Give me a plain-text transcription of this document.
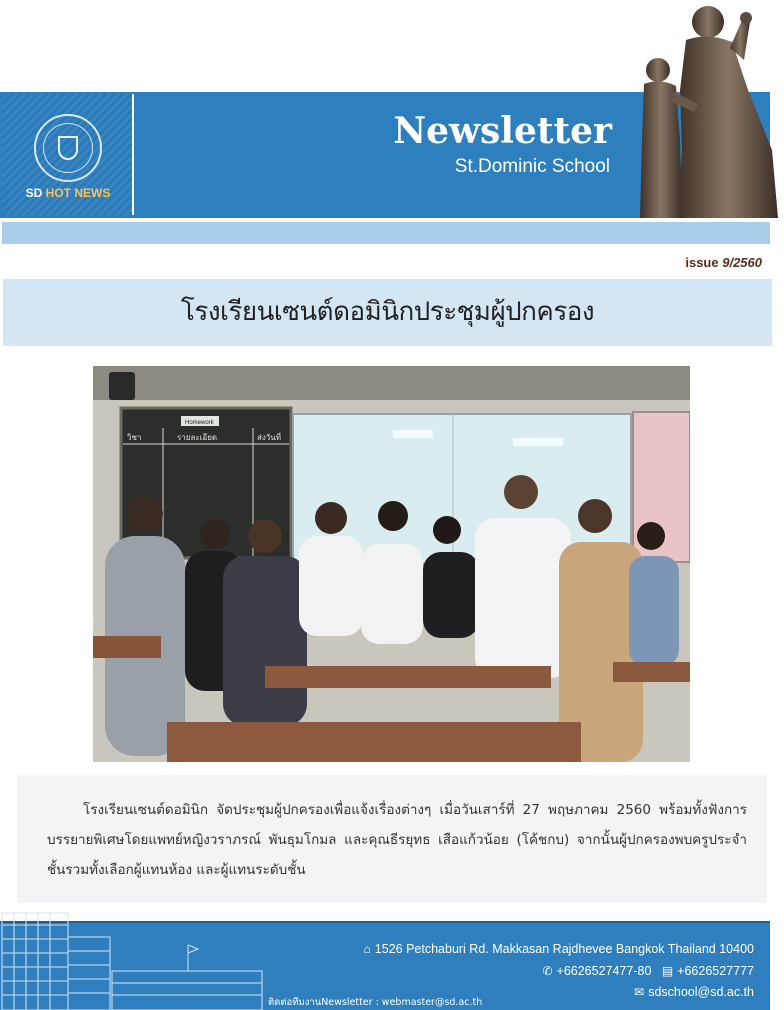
SD HOT NEWS
Newsletter
St.Dominic School
issue 9/2560
โรงเรียนเซนต์ดอมินิกประชุมผู้ปกครอง
Homework
วิชา	รายละเอียด	ส่งวันที่

โรงเรียนเซนต์ดอมินิก จัดประชุมผู้ปกครองเพื่อแจ้งเรื่องต่างๆ เมื่อวันเสาร์ที่ 27 พฤษภาคม 2560 พร้อมทั้งฟังการบรรยายพิเศษโดยแพทย์หญิงวราภรณ์ พันธุมโกมล และคุณธีรยุทธ เสือแก้วน้อย (โค้ชกบ) จากนั้นผู้ปกครองพบครูประจำชั้นรวมทั้งเลือกผู้แทนห้อง และผู้แทนระดับชั้น

⌂ 1526 Petchaburi Rd. Makkasan Rajdhevee Bangkok Thailand 10400
✆ +6626527477-80 ▤ +6626527777
✉ sdschool@sd.ac.th
ติดต่อทีมงานNewsletter : webmaster@sd.ac.th
